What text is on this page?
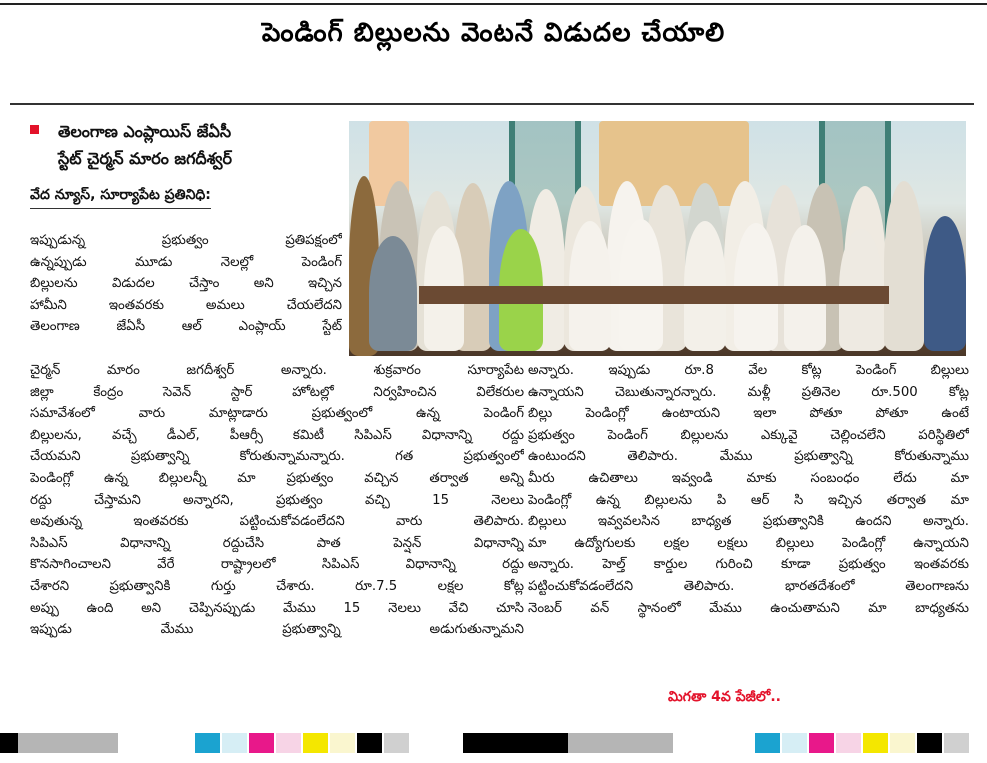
పెండింగ్ బిల్లులను వెంటనే విడుదల చేయాలి
తెలంగాణ ఎంప్లాయిస్ జేఏసీ
స్టేట్ చైర్మన్ మారం జగదీశ్వర్
వేద న్యూస్, సూర్యాపేట ప్రతినిధి:
ఇప్పుడున్న ప్రభుత్వం ప్రతిపక్షంలో
ఉన్నప్పుడు మూడు నెలల్లో పెండింగ్
బిల్లులను విడుదల చేస్తాం అని ఇచ్చిన
హామీని ఇంతవరకు అమలు చేయలేదని
తెలంగాణ జేఏసీ ఆల్ ఎంప్లాయ్ స్టేట్
చైర్మన్ మారం జగదీశ్వర్ అన్నారు. శుక్రవారం సూర్యాపేట
జిల్లా కేంద్రం సెవెన్ స్టార్ హోటల్లో నిర్వహించిన విలేకరుల
సమావేశంలో వారు మాట్లాడారు ప్రభుత్వంలో ఉన్న పెండింగ్
బిల్లులను, వచ్చే డీఎల్, పీఆర్సీ కమిటీ సిపిఎస్ విధానాన్ని రద్దు
చేయమని ప్రభుత్వాన్ని కోరుతున్నామన్నారు. గత ప్రభుత్వంలో
పెండింగ్లో ఉన్న బిల్లులన్నీ మా ప్రభుత్వం వచ్చిన తర్వాత అన్ని
రద్దు చేస్తామని అన్నారని, ప్రభుత్వం వచ్చి 15 నెలలు
అవుతున్న ఇంతవరకు పట్టించుకోవడంలేదని వారు తెలిపారు.
సిపిఎస్ విధానాన్ని రద్దుచేసి పాత పెన్షన్ విధానాన్ని
కొనసాగించాలని వేరే రాష్ట్రాలలో సిపిఎస్ విధానాన్ని రద్దు
చేశారని ప్రభుత్వానికి గుర్తు చేశారు. రూ.7.5 లక్షల కోట్ల
అప్పు ఉంది అని చెప్పినప్పుడు మేము 15 నెలలు వేచి చూసి
ఇప్పుడు మేము ప్రభుత్వాన్ని అడుగుతున్నామని
అన్నారు. ఇప్పుడు రూ.8 వేల కోట్ల పెండింగ్ బిల్లులు
ఉన్నాయని చెబుతున్నారన్నారు. మళ్లీ ప్రతినెల రూ.500 కోట్ల
బిల్లు పెండింగ్లో ఉంటాయని ఇలా పోతూ పోతూ ఉంటే
ప్రభుత్వం పెండింగ్ బిల్లులను ఎక్కువై చెల్లించలేని పరిస్థితిలో
ఉంటుందని తెలిపారు. మేము ప్రభుత్వాన్ని కోరుతున్నాము
మీరు ఉచితాలు ఇవ్వండి మాకు సంబంధం లేదు మా
పెండింగ్లో ఉన్న బిల్లులను పి ఆర్ సి ఇచ్చిన తర్వాత మా
బిల్లులు ఇవ్వవలసిన బాధ్యత ప్రభుత్వానికి ఉందని అన్నారు.
మా ఉద్యోగులకు లక్షల లక్షలు బిల్లులు పెండింగ్లో ఉన్నాయని
అన్నారు. హెల్త్ కార్డుల గురించి కూడా ప్రభుత్వం ఇంతవరకు
పట్టించుకోవడంలేదని తెలిపారు. భారతదేశంలో తెలంగాణను
నెంబర్ వన్ స్థానంలో మేము ఉంచుతామని మా బాధ్యతను
మిగతా 4వ పేజీలో..
